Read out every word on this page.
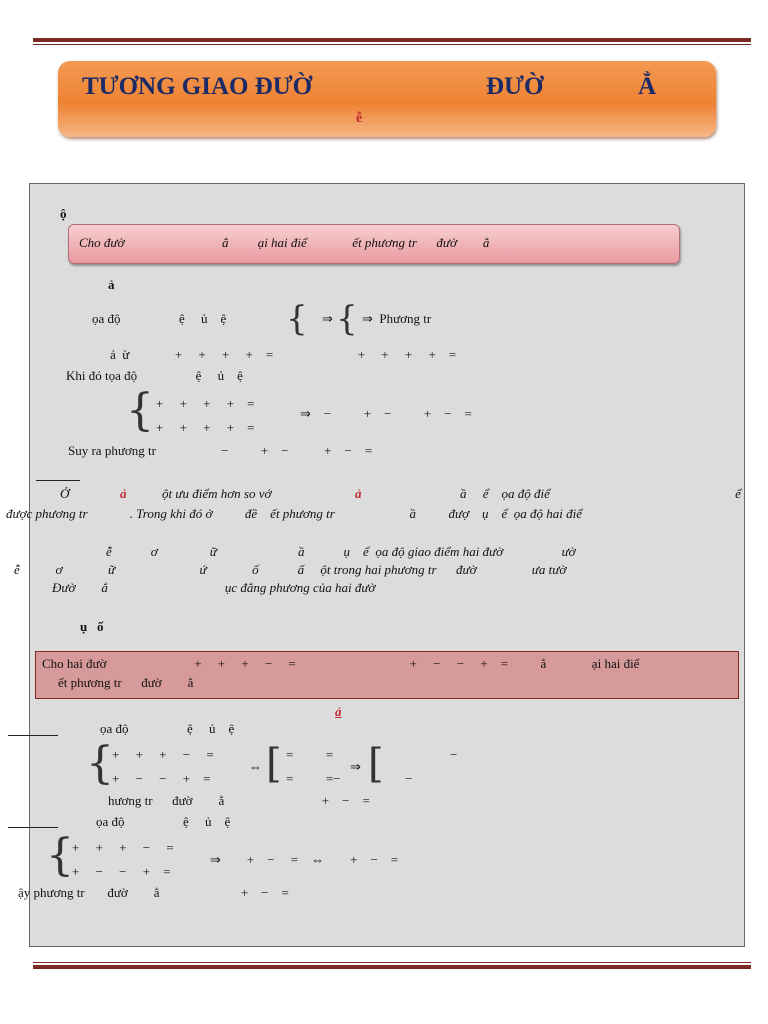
TƯƠNG GIAO ĐƯỜ	ĐƯỜ	Ẳ
ễ
ộ
Cho đườ                              ẳ         ại hai điể              ết phương tr      đườ        ẳ
ả
ọa độ                  ệ     ủ    ệ { ⇒ { ⇒  Phương tr
ả  ừ              +     +     +     +    =                          +     +     +     +    =
Khi đó tọa độ                  ệ     ủ    ệ
{ +     +     +     +    =
+     +     +     +    =
⇒    −          +    −          +    −    =
Suy ra phương tr                    −          +    −           +    −    =
Ở	ả	ột ưu điểm hơn so vớ	ả	ầ     ể    ọa độ điể                                                         ể
được phương tr             . Trong khi đó ở          đề    ết phương tr                       ầ          đượ    ụ    ể  ọa độ hai điể
ễ            ơ                ữ                         ầ            ụ    ể  ọa độ giao điểm hai đườ                  ườ
ễ           ơ              ữ                          ứ              ố            ấ     ột trong hai phương tr      đườ                 ưa tườ
Đườ        ẳ                                    ục đẳng phương của hai đườ
ụ   ố
Cho hai đườ                           +     +     +     −     =                                   +     −     −     +    =          ẳ              ại hai điể
ết phương tr      đườ        ẳ
ả
ọa độ                  ệ     ủ    ệ
{
+     +     +     −     =
+     −     −     +    =
⇔ [ =          =
=          =−
⇒ [	−
−
hương tr      đườ        ẳ                              +    −    =
ọa độ                  ệ     ủ    ệ
{
+     +     +     −     =
+     −     −     +    =
⇒        +    −     =    ⇔        +    −    =
ậy phương tr       đườ        ẳ                         +    −    =
